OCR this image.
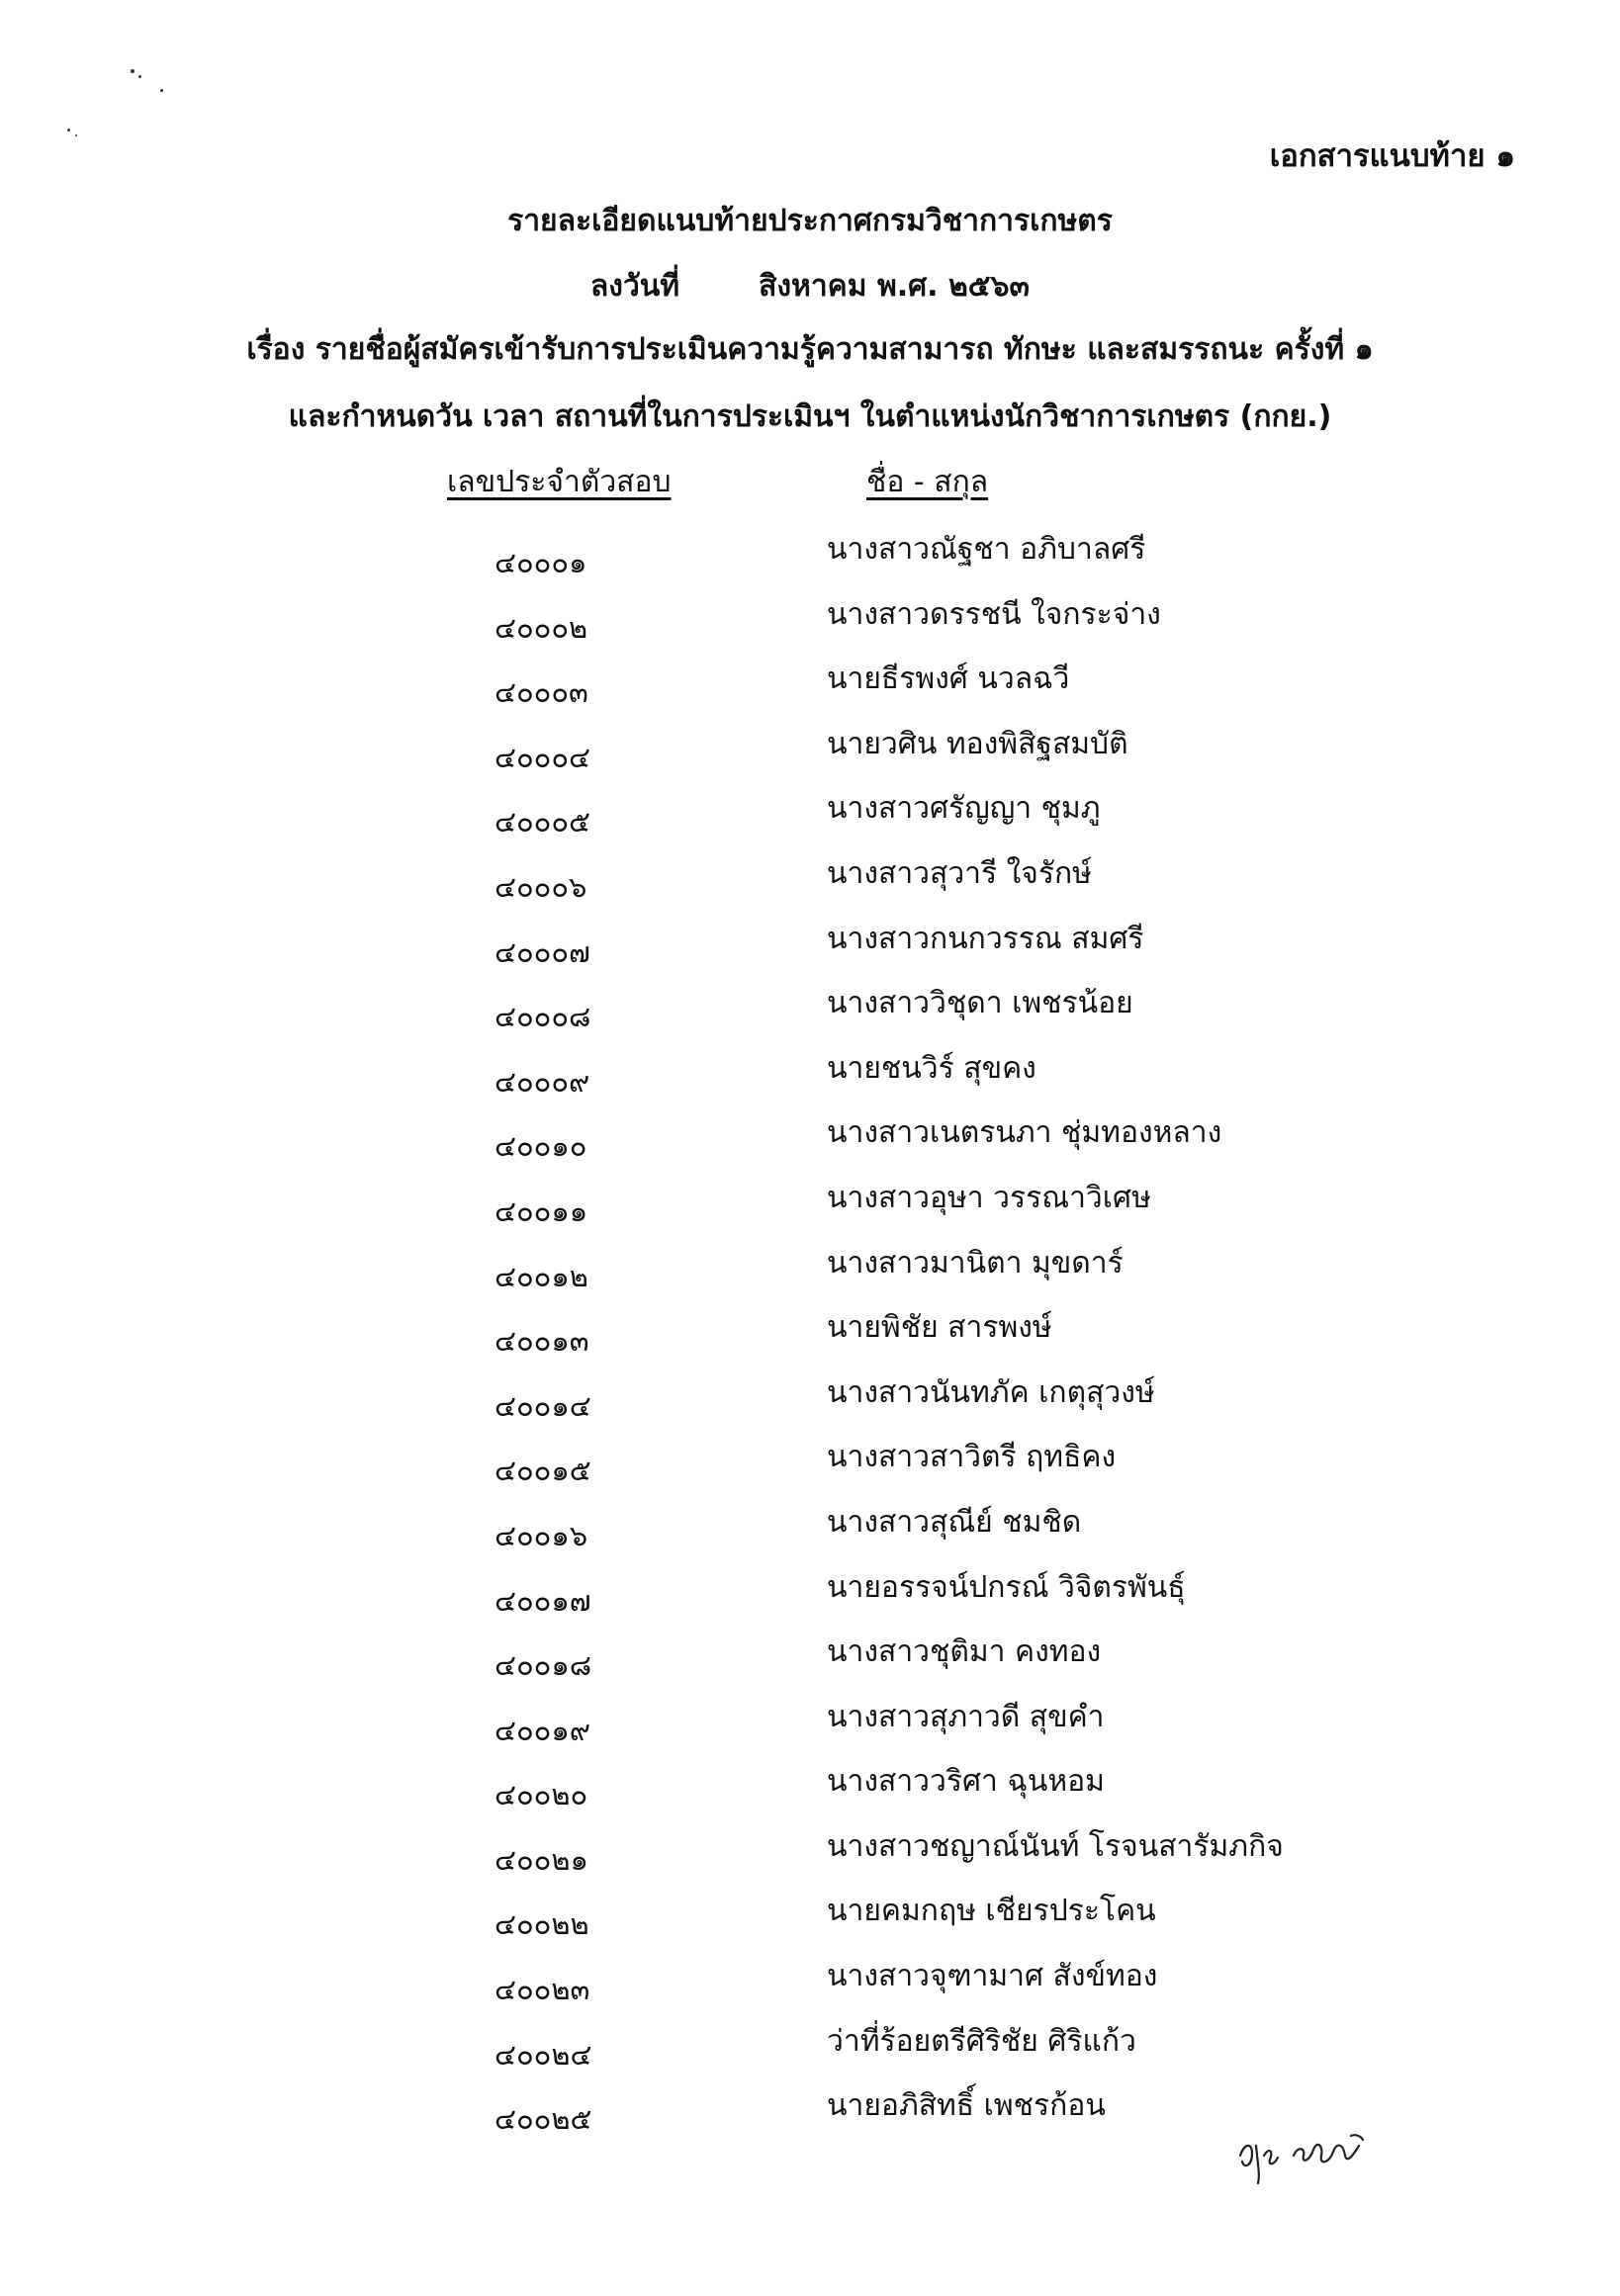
เอกสารแนบท้าย ๑
รายละเอียดแนบท้ายประกาศกรมวิชาการเกษตร
ลงวันที่	สิงหาคม พ.ศ. ๒๕๖๓
เรื่อง รายชื่อผู้สมัครเข้ารับการประเมินความรู้ความสามารถ ทักษะ และสมรรถนะ ครั้งที่ ๑
และกำหนดวัน เวลา สถานที่ในการประเมินฯ ในตำแหน่งนักวิชาการเกษตร (กกย.)
เลขประจำตัวสอบ	ชื่อ - สกุล
๔๐๐๐๑	นางสาวณัฐชา อภิบาลศรี
๔๐๐๐๒	นางสาวดรรชนี ใจกระจ่าง
๔๐๐๐๓	นายธีรพงศ์ นวลฉวี
๔๐๐๐๔	นายวศิน ทองพิสิฐสมบัติ
๔๐๐๐๕	นางสาวศรัญญา ชุมภู
๔๐๐๐๖	นางสาวสุวารี ใจรักษ์
๔๐๐๐๗	นางสาวกนกวรรณ สมศรี
๔๐๐๐๘	นางสาววิชุดา เพชรน้อย
๔๐๐๐๙	นายชนวิร์ สุขคง
๔๐๐๑๐	นางสาวเนตรนภา ชุ่มทองหลาง
๔๐๐๑๑	นางสาวอุษา วรรณาวิเศษ
๔๐๐๑๒	นางสาวมานิตา มุขดาร์
๔๐๐๑๓	นายพิชัย สารพงษ์
๔๐๐๑๔	นางสาวนันทภัค เกตุสุวงษ์
๔๐๐๑๕	นางสาวสาวิตรี ฤทธิคง
๔๐๐๑๖	นางสาวสุณีย์ ชมชิด
๔๐๐๑๗	นายอรรจน์ปกรณ์ วิจิตรพันธุ์
๔๐๐๑๘	นางสาวชุติมา คงทอง
๔๐๐๑๙	นางสาวสุภาวดี สุขคำ
๔๐๐๒๐	นางสาววริศา ฉุนหอม
๔๐๐๒๑	นางสาวชญาณ์นันท์ โรจนสารัมภกิจ
๔๐๐๒๒	นายคมกฤษ เชียรประโคน
๔๐๐๒๓	นางสาวจุฑามาศ สังข์ทอง
๔๐๐๒๔	ว่าที่ร้อยตรีศิริชัย ศิริแก้ว
๔๐๐๒๕	นายอภิสิทธิ์ เพชรก้อน
